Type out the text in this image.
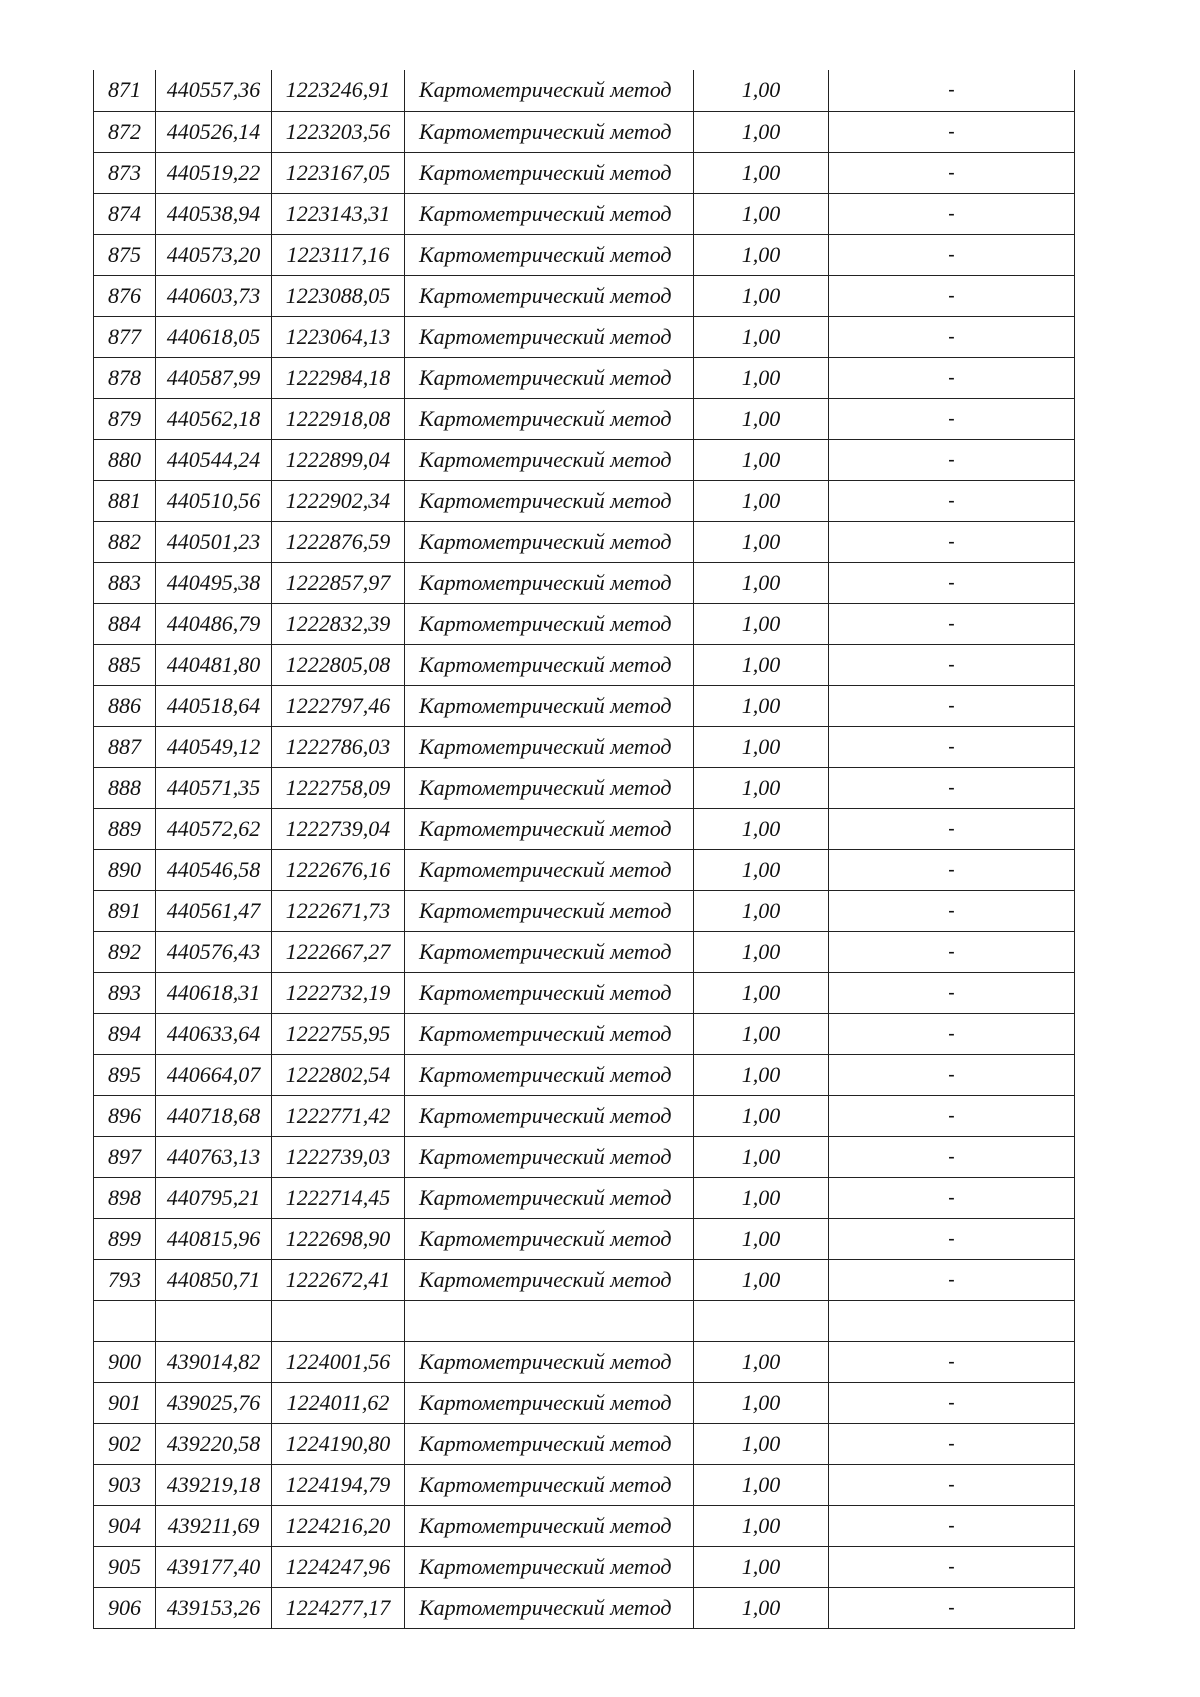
871	440557,36	1223246,91	Картометрический метод	1,00	-
872	440526,14	1223203,56	Картометрический метод	1,00	-
873	440519,22	1223167,05	Картометрический метод	1,00	-
874	440538,94	1223143,31	Картометрический метод	1,00	-
875	440573,20	1223117,16	Картометрический метод	1,00	-
876	440603,73	1223088,05	Картометрический метод	1,00	-
877	440618,05	1223064,13	Картометрический метод	1,00	-
878	440587,99	1222984,18	Картометрический метод	1,00	-
879	440562,18	1222918,08	Картометрический метод	1,00	-
880	440544,24	1222899,04	Картометрический метод	1,00	-
881	440510,56	1222902,34	Картометрический метод	1,00	-
882	440501,23	1222876,59	Картометрический метод	1,00	-
883	440495,38	1222857,97	Картометрический метод	1,00	-
884	440486,79	1222832,39	Картометрический метод	1,00	-
885	440481,80	1222805,08	Картометрический метод	1,00	-
886	440518,64	1222797,46	Картометрический метод	1,00	-
887	440549,12	1222786,03	Картометрический метод	1,00	-
888	440571,35	1222758,09	Картометрический метод	1,00	-
889	440572,62	1222739,04	Картометрический метод	1,00	-
890	440546,58	1222676,16	Картометрический метод	1,00	-
891	440561,47	1222671,73	Картометрический метод	1,00	-
892	440576,43	1222667,27	Картометрический метод	1,00	-
893	440618,31	1222732,19	Картометрический метод	1,00	-
894	440633,64	1222755,95	Картометрический метод	1,00	-
895	440664,07	1222802,54	Картометрический метод	1,00	-
896	440718,68	1222771,42	Картометрический метод	1,00	-
897	440763,13	1222739,03	Картометрический метод	1,00	-
898	440795,21	1222714,45	Картометрический метод	1,00	-
899	440815,96	1222698,90	Картометрический метод	1,00	-
793	440850,71	1222672,41	Картометрический метод	1,00	-

900	439014,82	1224001,56	Картометрический метод	1,00	-
901	439025,76	1224011,62	Картометрический метод	1,00	-
902	439220,58	1224190,80	Картометрический метод	1,00	-
903	439219,18	1224194,79	Картометрический метод	1,00	-
904	439211,69	1224216,20	Картометрический метод	1,00	-
905	439177,40	1224247,96	Картометрический метод	1,00	-
906	439153,26	1224277,17	Картометрический метод	1,00	-
